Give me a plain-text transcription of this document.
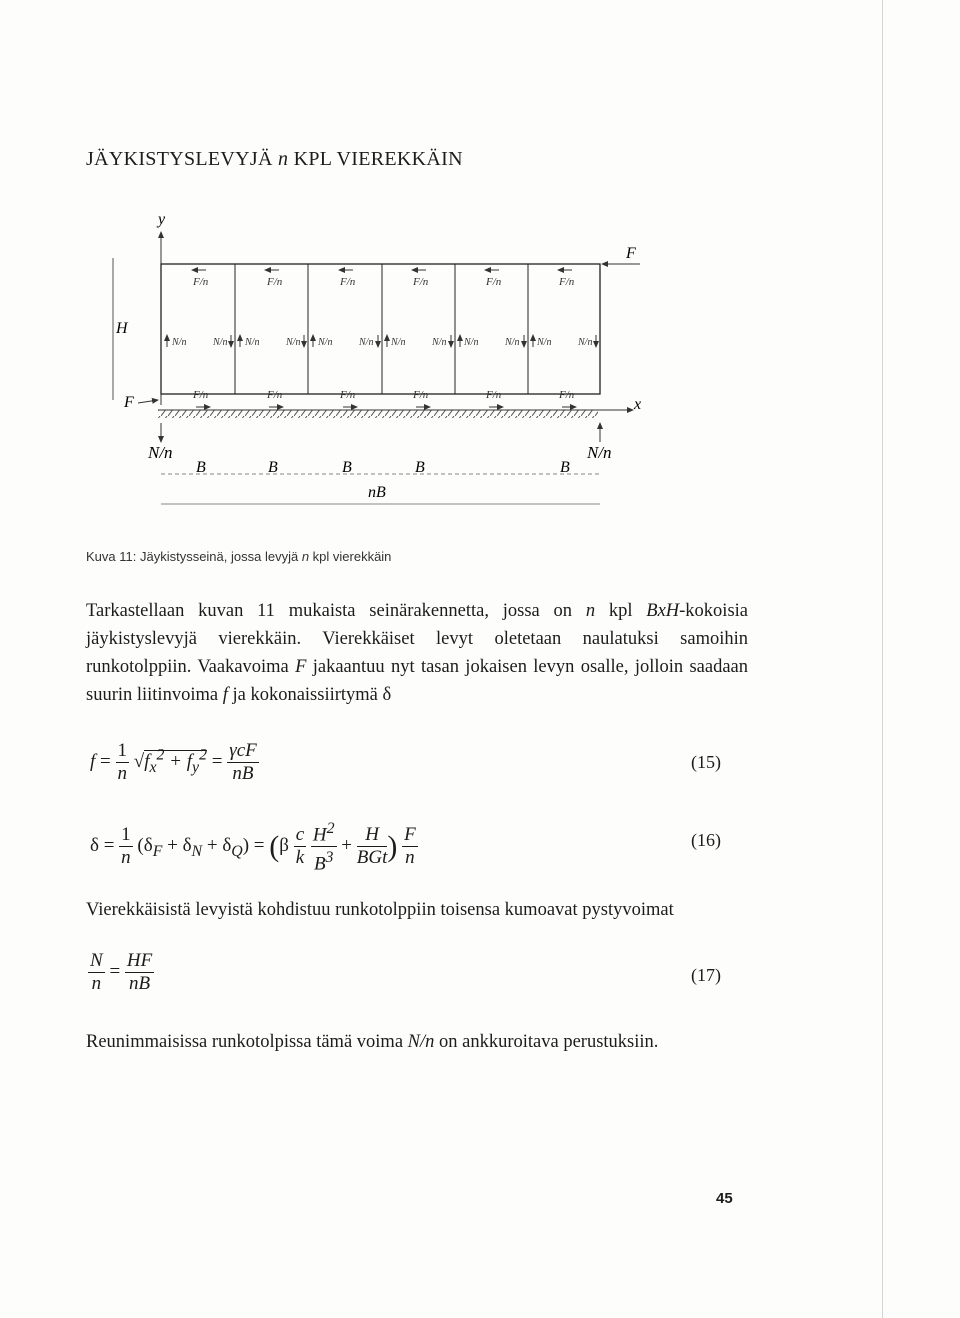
JÄYKISTYSLEVYJÄ n KPL VIEREKKÄIN
y
F
H
F
F/n	F/n	F/n	F/n	F/n	F/n
N/n	N/n N/n	N/n N/n	N/n N/n	N/n N/n	N/n N/n	N/n
F/n	F/n	F/n	F/n	F/n	F/n
x
N/n	N/n
B	B	B	B	B
nB
Kuva 11: Jäykistysseinä, jossa levyjä n kpl vierekkäin
Tarkastellaan kuvan 11 mukaista seinärakennetta, jossa on n kpl BxH-kokoisia jäykistyslevyjä vierekkäin. Vierekkäiset levyt oletetaan naulatuksi samoihin runkotolppiin. Vaakavoima F jakaantuu nyt tasan jokaisen levyn osalle, jolloin saadaan suurin liitinvoima f ja kokonaissiirtymä δ
$f = \frac{1}{n} √f_x^2 + f_y^2 = \frac{\text{γcF}}{nB}$	(15)
$\delta = \frac{1}{n} (\delta_F + \delta_N + \delta_Q) = (\beta \frac{c}{k}$
$\frac{H^2}{B^3} + \frac{H}{\text{BGt}}$ ) $\frac{F}{n}$	(16)
Vierekkäisistä levyistä kohdistuu runkotolppiin toisensa kumoavat pystyvoimat
$\frac{N}{n} = \frac{HF}{nB}$	(17)
Reunimmaisissa runkotolpissa tämä voima N/n on ankkuroitava perustuksiin.
45
